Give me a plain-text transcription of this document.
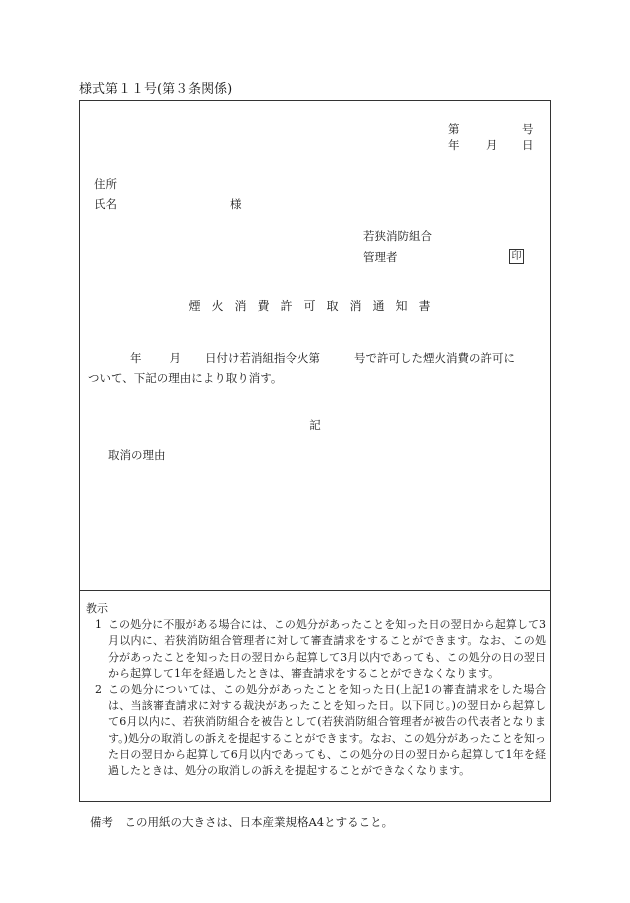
様式第１１号(第３条関係)
第	号
年 月 日
住所
氏名	様
若狭消防組合
管理者	印
煙火消費許可取消通知書
年 月 日付け若消組指令火第	号で許可した煙火消費の許可に
ついて、下記の理由により取り消す。
記
取消の理由
教示
1 この処分に不服がある場合には、この処分があったことを知った日の翌日から起算して3月以内に、若狭消防組合管理者に対して審査請求をすることができます。なお、この処分があったことを知った日の翌日から起算して3月以内であっても、この処分の日の翌日から起算して1年を経過したときは、審査請求をすることができなくなります。
2 この処分については、この処分があったことを知った日(上記1の審査請求をした場合は、当該審査請求に対する裁決があったことを知った日。以下同じ。)の翌日から起算して6月以内に、若狭消防組合を被告として(若狭消防組合管理者が被告の代表者となります。)処分の取消しの訴えを提起することができます。なお、この処分があったことを知った日の翌日から起算して6月以内であっても、この処分の日の翌日から起算して1年を経過したときは、処分の取消しの訴えを提起することができなくなります。
備考　この用紙の大きさは、日本産業規格A4とすること。
